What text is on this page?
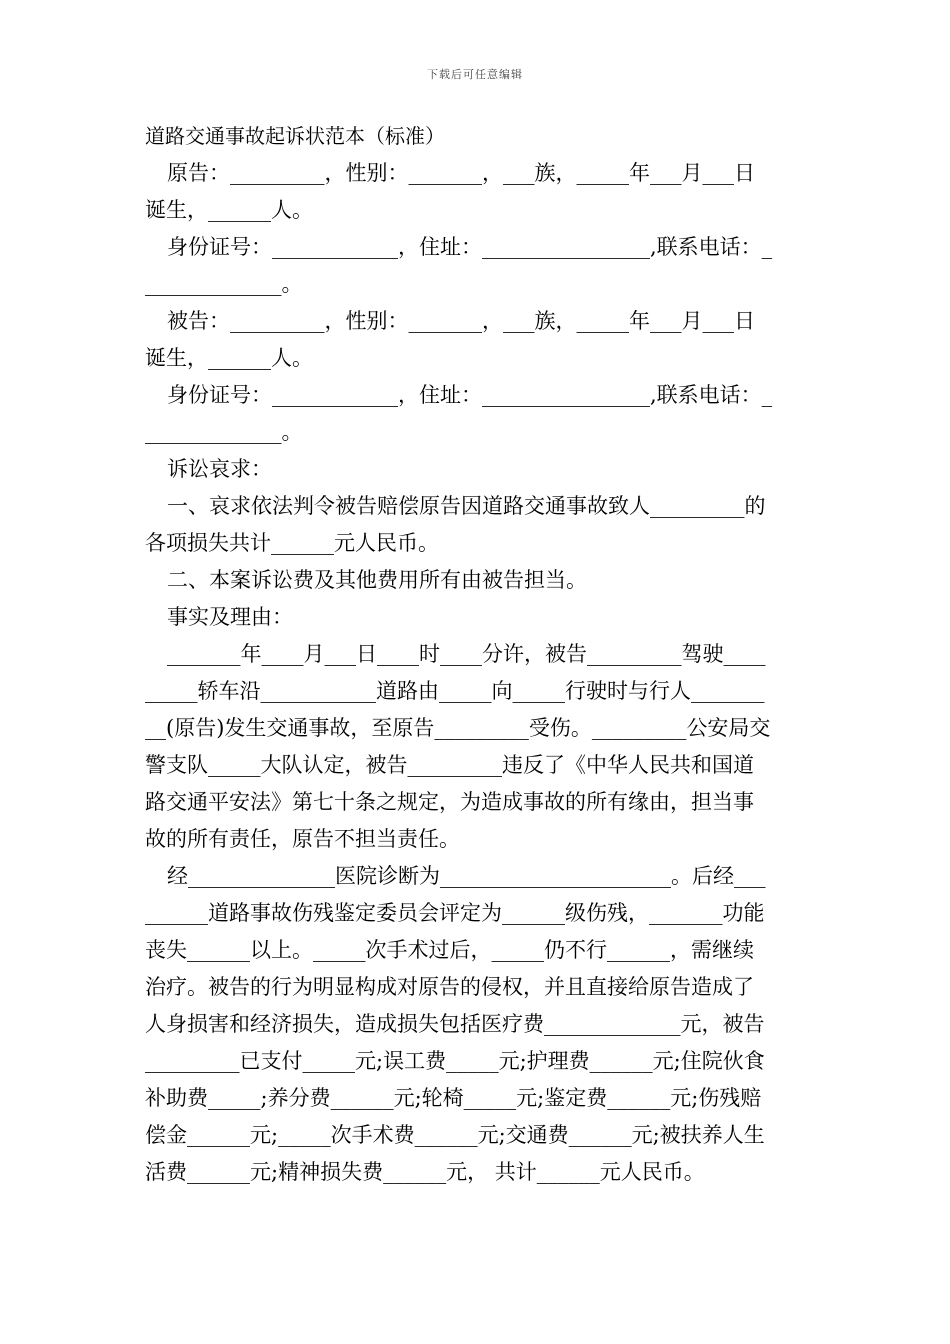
下载后可任意编辑
道路交通事故起诉状范本（标准）
原告：_________，性别：_______，___族，_____年___月___日
诞生，______人。
身份证号：____________，住址：________________,联系电话：_
_____________。
被告：_________，性别：_______，___族，_____年___月___日
诞生，______人。
身份证号：____________，住址：________________,联系电话：_
_____________。
诉讼哀求：
一、哀求依法判令被告赔偿原告因道路交通事故致人_________的
各项损失共计______元人民币。
二、本案诉讼费及其他费用所有由被告担当。
事实及理由：
_______年____月___日____时____分许，被告_________驾驶____
_____轿车沿___________道路由_____向_____行驶时与行人_______
__(原告)发生交通事故，至原告_________受伤。_________公安局交
警支队_____大队认定，被告_________违反了《中华人民共和国道
路交通平安法》第七十条之规定，为造成事故的所有缘由，担当事
故的所有责任，原告不担当责任。
经______________医院诊断为______________________。后经___
______道路事故伤残鉴定委员会评定为______级伤残，_______功能
丧失______以上。_____次手术过后，_____仍不行______，需继续
治疗。被告的行为明显构成对原告的侵权，并且直接给原告造成了
人身损害和经济损失，造成损失包括医疗费_____________元，被告
_________已支付_____元;误工费_____元;护理费______元;住院伙食
补助费_____;养分费______元;轮椅_____元;鉴定费______元;伤残赔
偿金______元;_____次手术费______元;交通费______元;被扶养人生
活费______元;精神损失费______元， 共计______元人民币。
